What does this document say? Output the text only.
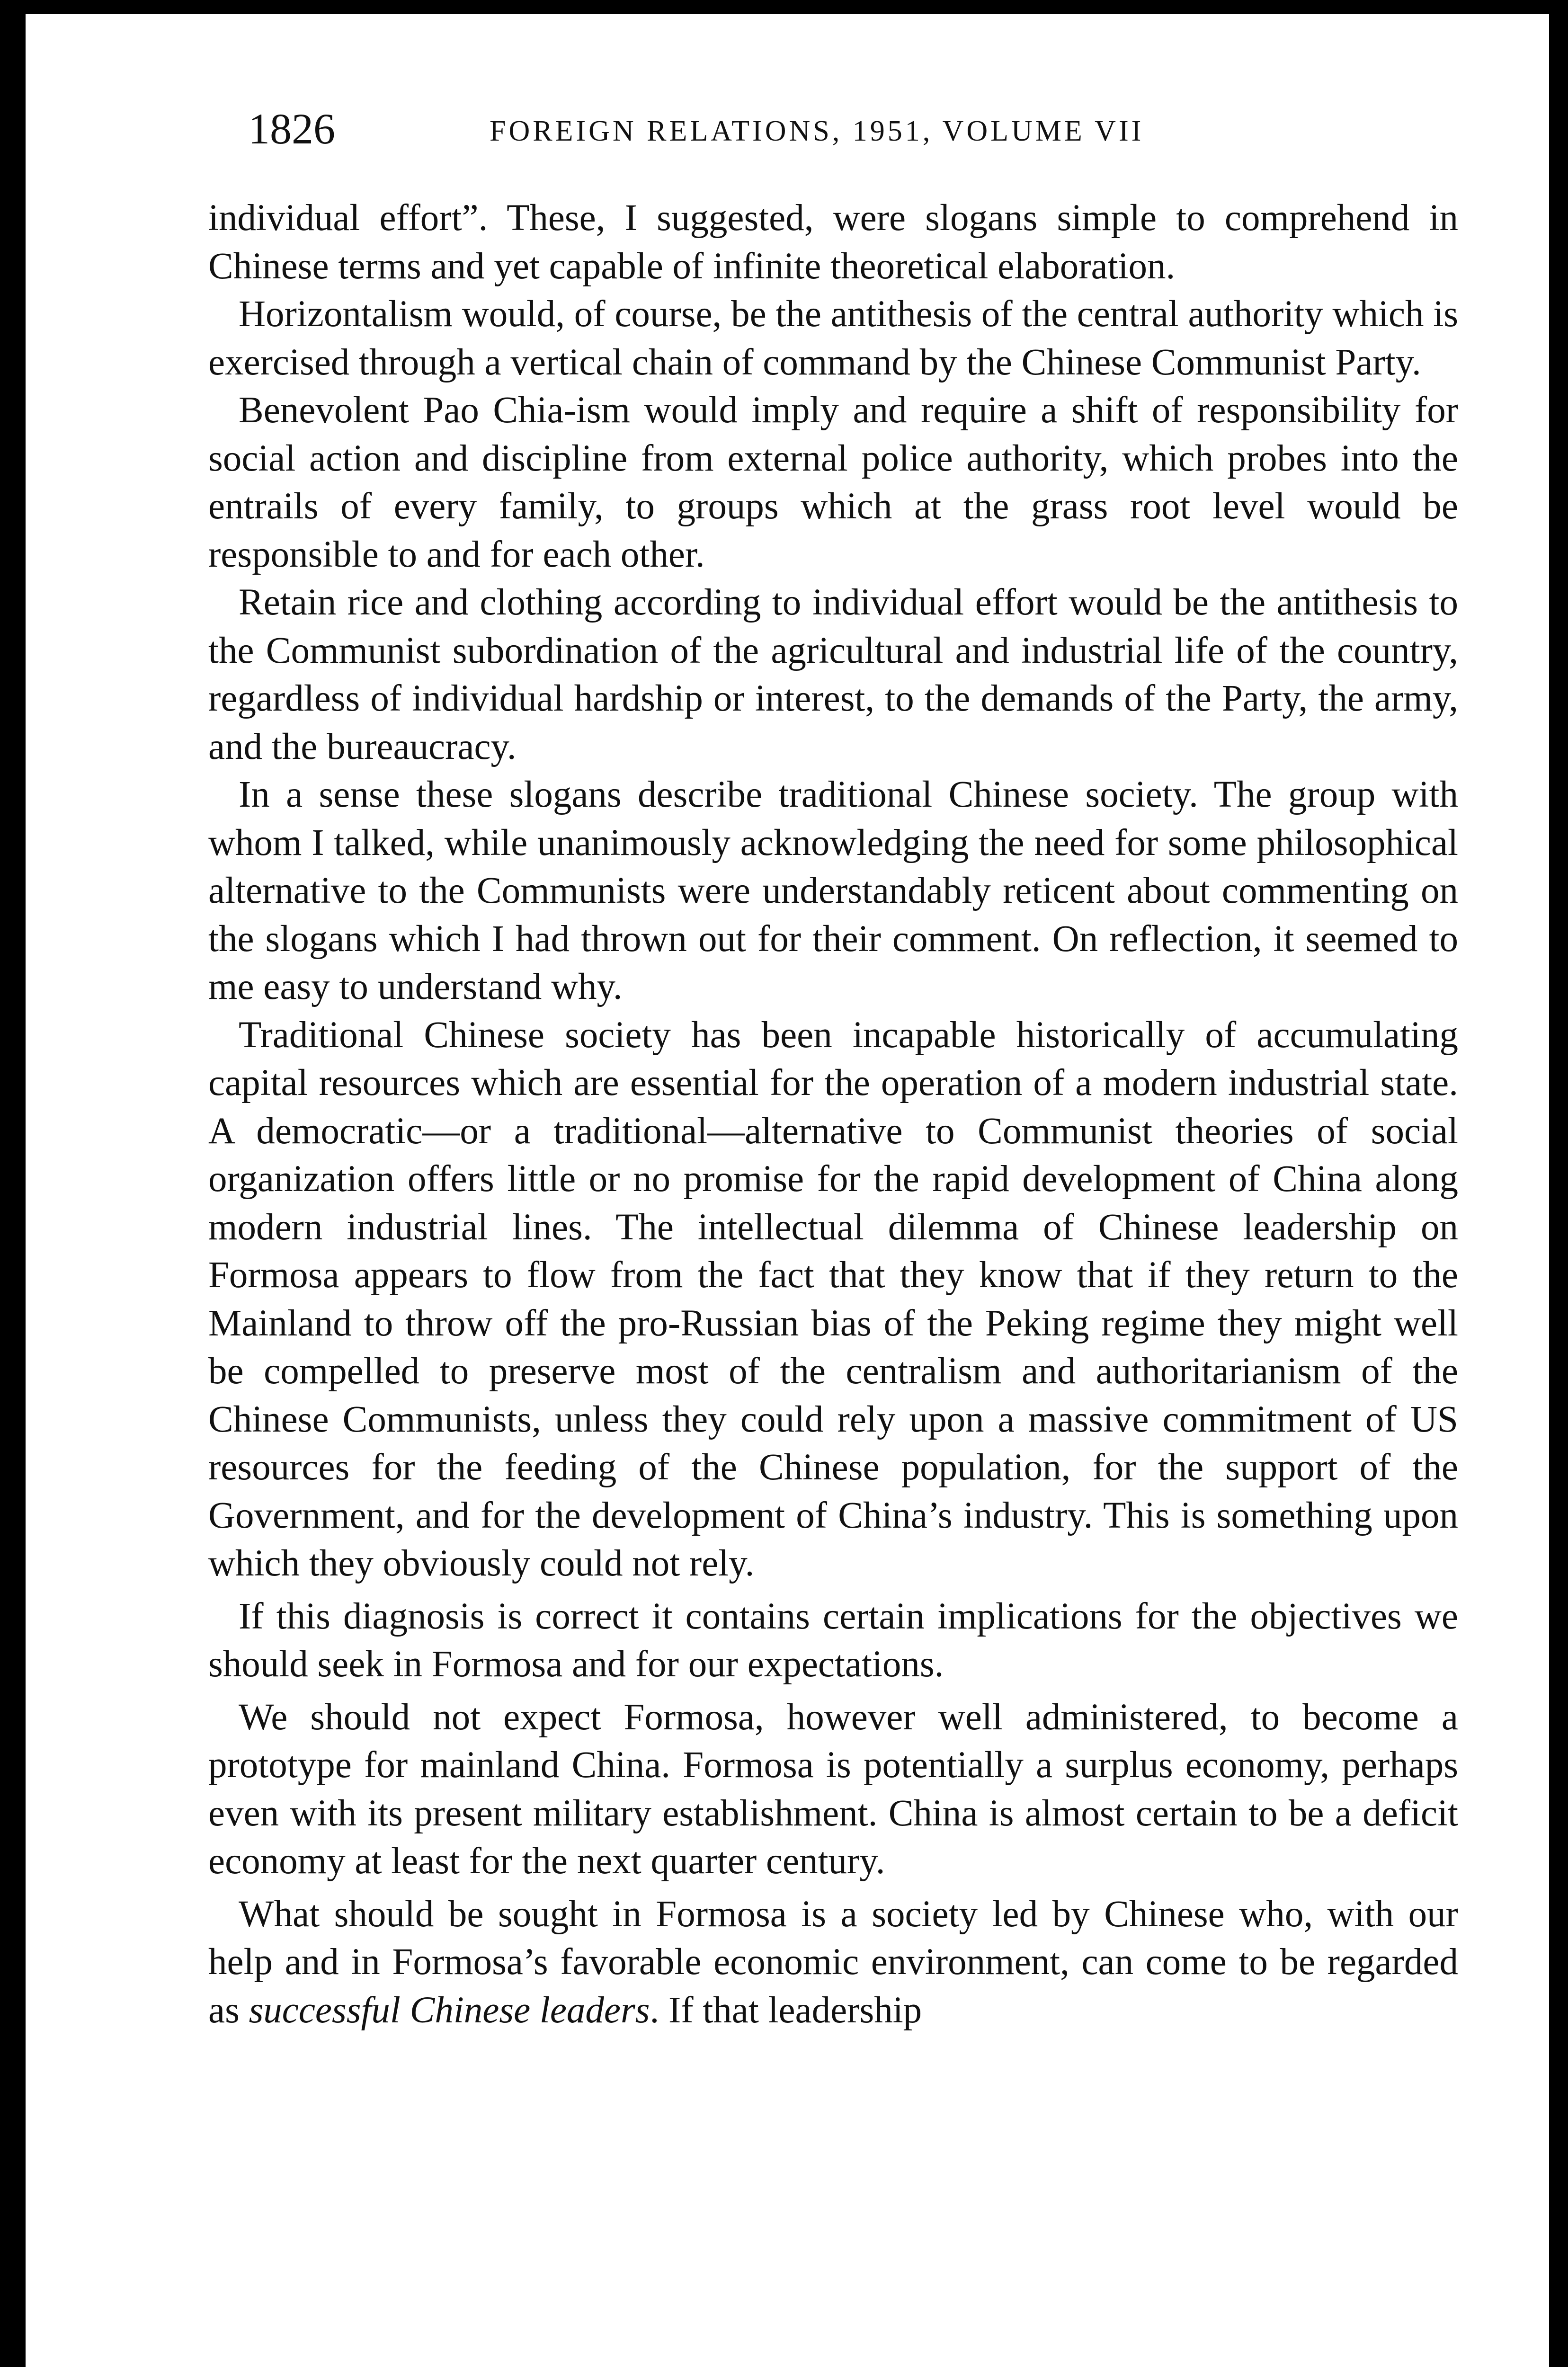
1826	FOREIGN RELATIONS, 1951, VOLUME VII

individual effort”. These, I suggested, were slogans simple to comprehend in Chinese terms and yet capable of infinite theoretical elaboration.

Horizontalism would, of course, be the antithesis of the central authority which is exercised through a vertical chain of command by the Chinese Communist Party.

Benevolent Pao Chia-ism would imply and require a shift of responsibility for social action and discipline from external police authority, which probes into the entrails of every family, to groups which at the grass root level would be responsible to and for each other.

Retain rice and clothing according to individual effort would be the antithesis to the Communist subordination of the agricultural and industrial life of the country, regardless of individual hardship or interest, to the demands of the Party, the army, and the bureaucracy.

In a sense these slogans describe traditional Chinese society. The group with whom I talked, while unanimously acknowledging the need for some philosophical alternative to the Communists were understandably reticent about commenting on the slogans which I had thrown out for their comment. On reflection, it seemed to me easy to understand why.

Traditional Chinese society has been incapable historically of accumulating capital resources which are essential for the operation of a modern industrial state. A democratic—or a traditional—alternative to Communist theories of social organization offers little or no promise for the rapid development of China along modern industrial lines. The intellectual dilemma of Chinese leadership on Formosa appears to flow from the fact that they know that if they return to the Mainland to throw off the pro-Russian bias of the Peking regime they might well be compelled to preserve most of the centralism and authoritarianism of the Chinese Communists, unless they could rely upon a massive commitment of US resources for the feeding of the Chinese population, for the support of the Government, and for the development of China’s industry. This is something upon which they obviously could not rely.

If this diagnosis is correct it contains certain implications for the objectives we should seek in Formosa and for our expectations.

We should not expect Formosa, however well administered, to become a prototype for mainland China. Formosa is potentially a surplus economy, perhaps even with its present military establishment. China is almost certain to be a deficit economy at least for the next quarter century.

What should be sought in Formosa is a society led by Chinese who, with our help and in Formosa’s favorable economic environment, can come to be regarded as successful Chinese leaders. If that leadership
